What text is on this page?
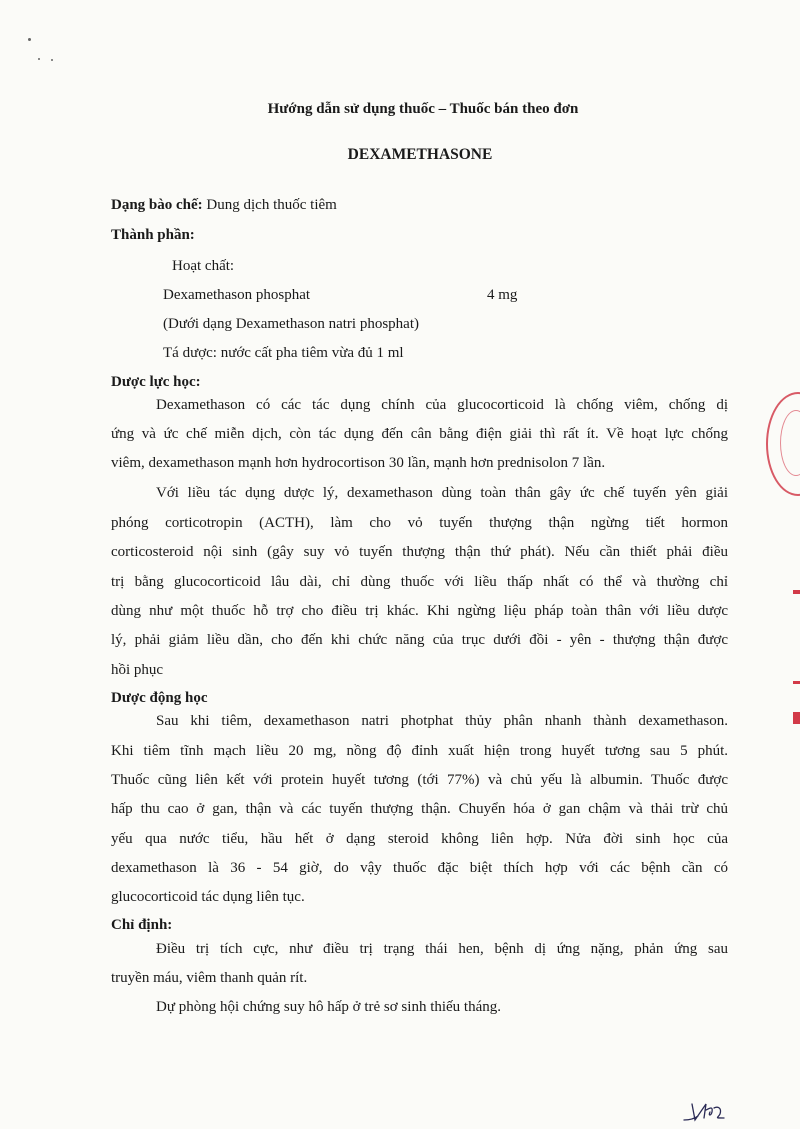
Hướng dẫn sử dụng thuốc – Thuốc bán theo đơn
DEXAMETHASONE
Dạng bào chế: Dung dịch thuốc tiêm
Thành phần:
Hoạt chất:
Dexamethason phosphat	4 mg
(Dưới dạng Dexamethason natri phosphat)
Tá dược: nước cất pha tiêm vừa đủ 1 ml
Dược lực học:
Dexamethason có các tác dụng chính của glucocorticoid là chống viêm, chống dị
ứng và ức chế miễn dịch, còn tác dụng đến cân bằng điện giải thì rất ít. Về hoạt lực chống
viêm, dexamethason mạnh hơn hydrocortison 30 lần, mạnh hơn prednisolon 7 lần.
Với liều tác dụng dược lý, dexamethason dùng toàn thân gây ức chế tuyến yên giải
phóng corticotropin (ACTH), làm cho vỏ tuyến thượng thận ngừng tiết hormon
corticosteroid nội sinh (gây suy vỏ tuyến thượng thận thứ phát). Nếu cần thiết phải điều
trị bằng glucocorticoid lâu dài, chỉ dùng thuốc với liều thấp nhất có thể và thường chỉ
dùng như một thuốc hỗ trợ cho điều trị khác. Khi ngừng liệu pháp toàn thân với liều dược
lý, phải giảm liều dần, cho đến khi chức năng của trục dưới đồi - yên - thượng thận được
hồi phục
Dược động học
Sau khi tiêm, dexamethason natri photphat thủy phân nhanh thành dexamethason.
Khi tiêm tĩnh mạch liều 20 mg, nồng độ đỉnh xuất hiện trong huyết tương sau 5 phút.
Thuốc cũng liên kết với protein huyết tương (tới 77%) và chủ yếu là albumin. Thuốc được
hấp thu cao ở gan, thận và các tuyến thượng thận. Chuyển hóa ở gan chậm và thải trừ chủ
yếu qua nước tiểu, hầu hết ở dạng steroid không liên hợp. Nửa đời sinh học của
dexamethason là 36 - 54 giờ, do vậy thuốc đặc biệt thích hợp với các bệnh cần có
glucocorticoid tác dụng liên tục.
Chỉ định:
Điều trị tích cực, như điều trị trạng thái hen, bệnh dị ứng nặng, phản ứng sau
truyền máu, viêm thanh quản rít.
Dự phòng hội chứng suy hô hấp ở trẻ sơ sinh thiếu tháng.
